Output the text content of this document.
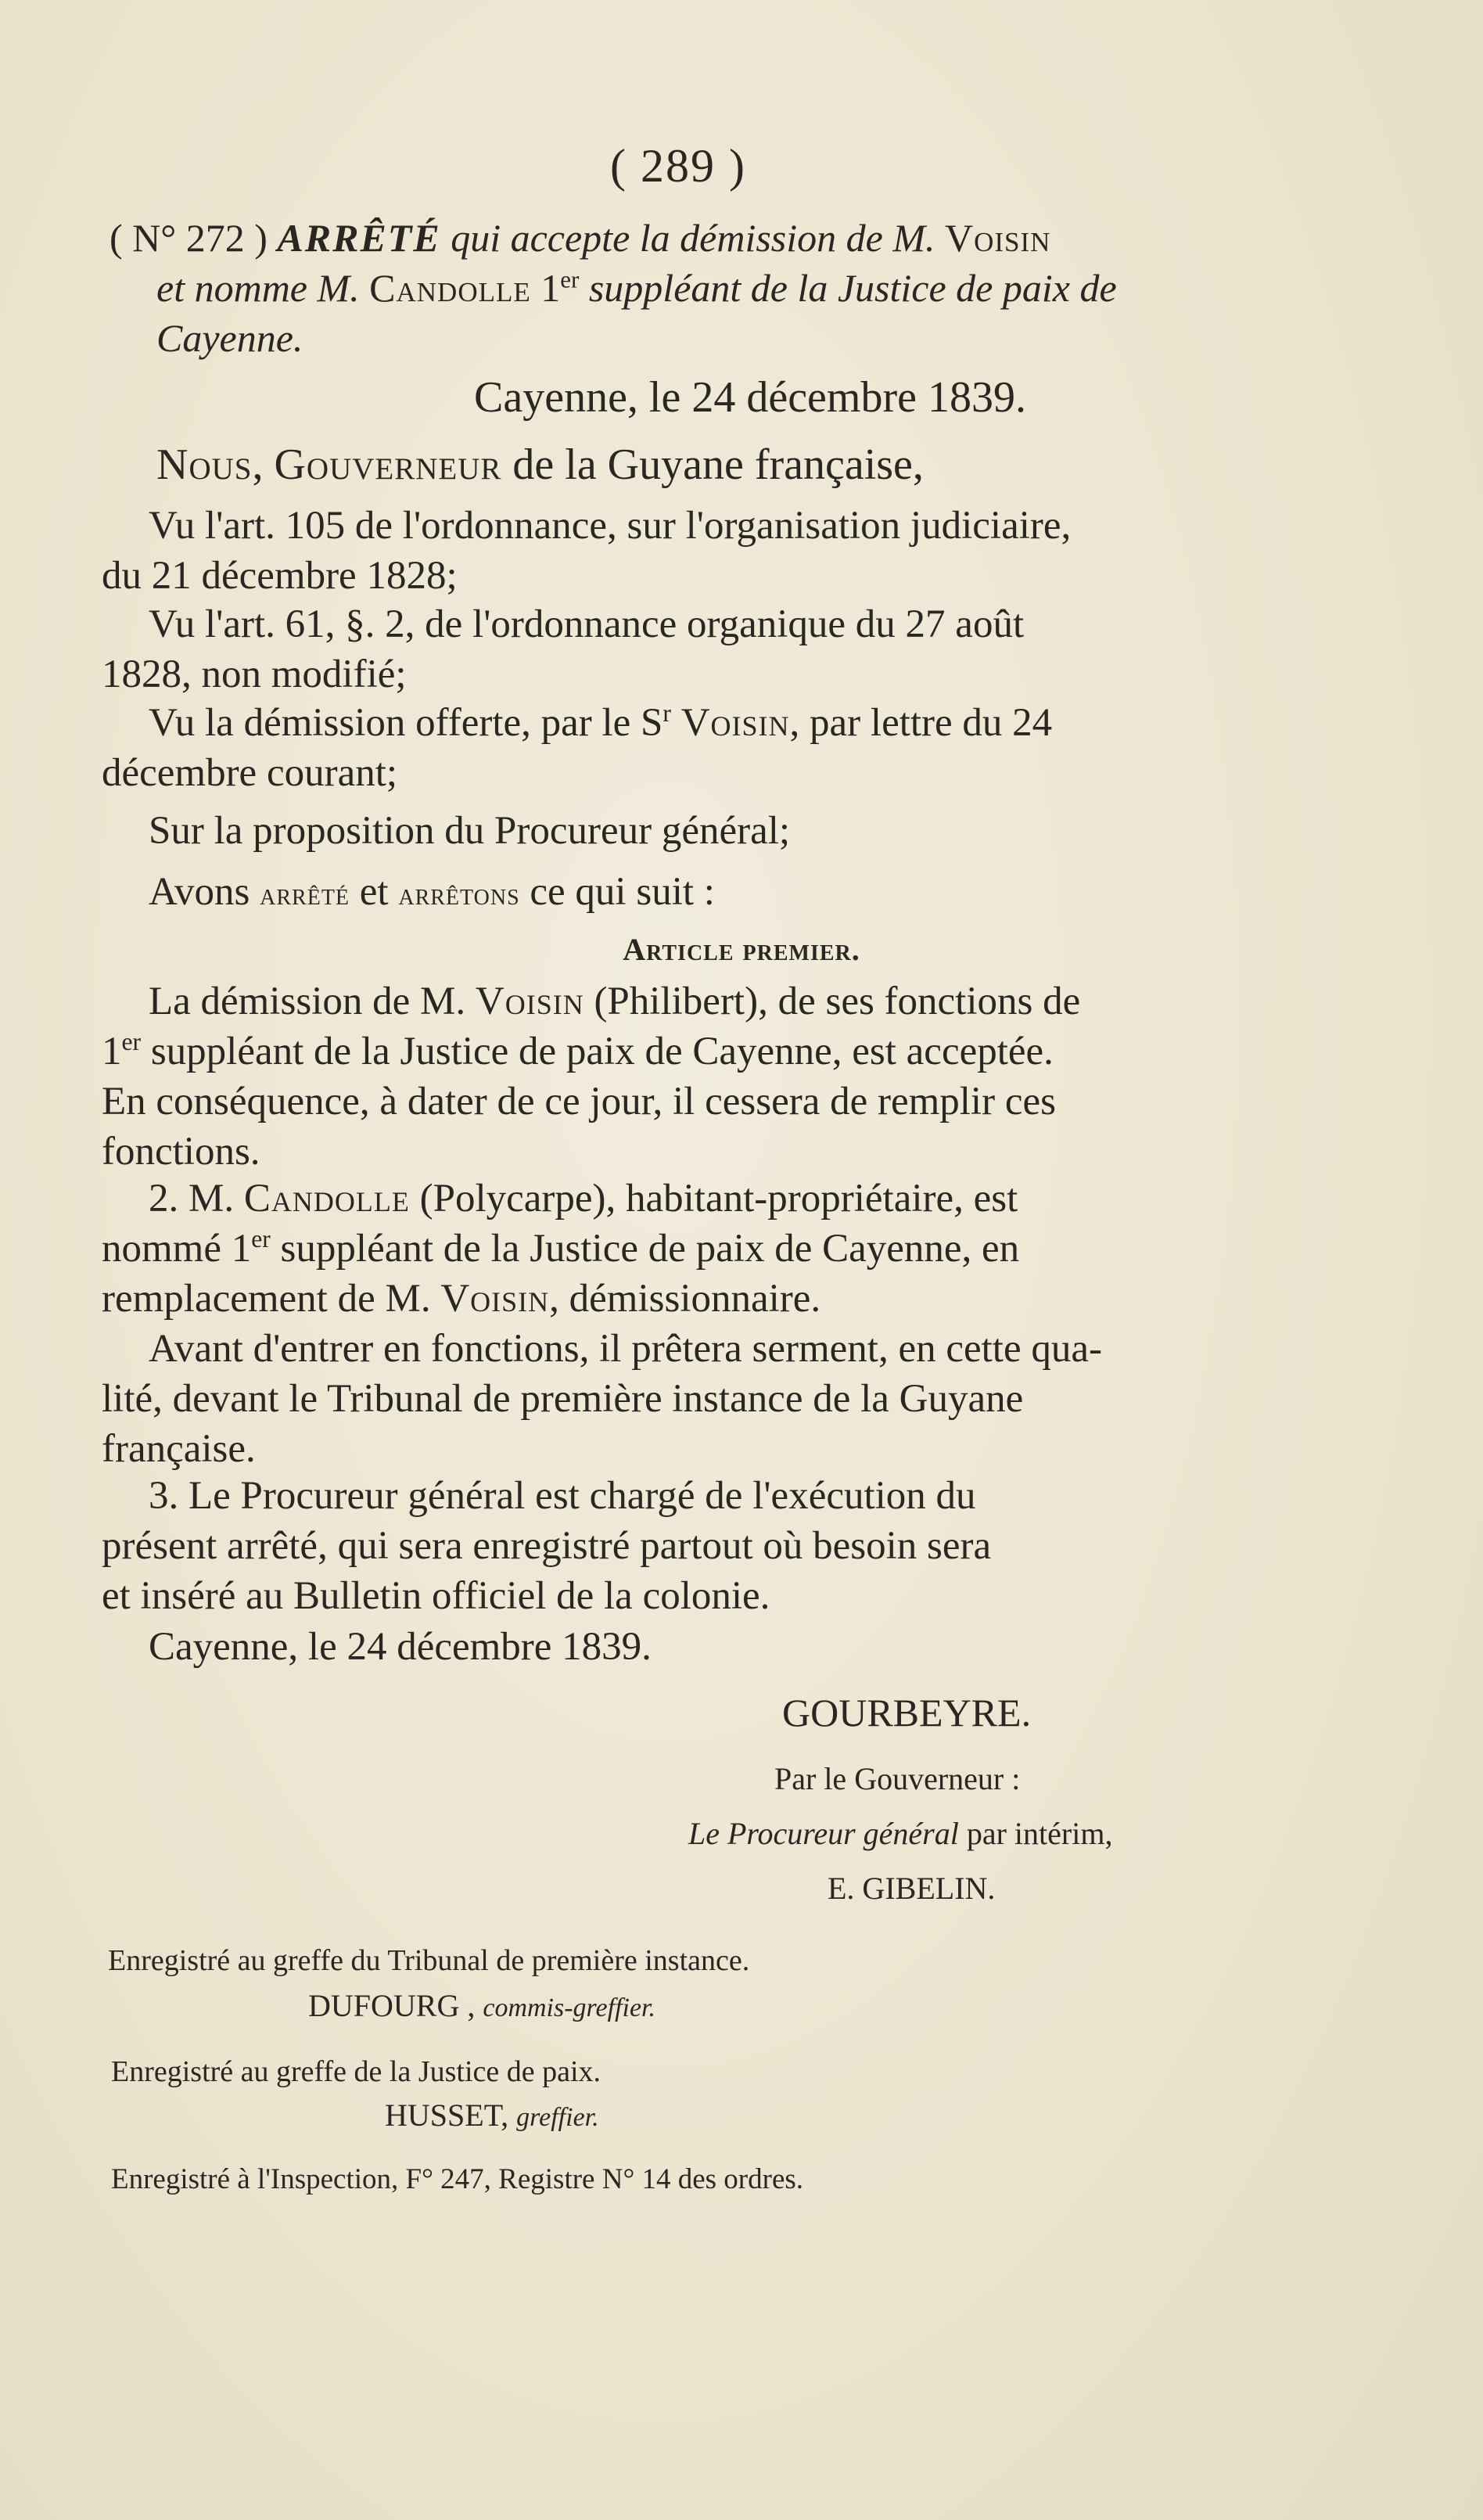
( 289 )
( N° 272 ) ARRÊTÉ qui accepte la démission de M. Voisin
et nomme M. Candolle 1er suppléant de la Justice de paix de
Cayenne.
Cayenne, le 24 décembre 1839.
Nous, Gouverneur de la Guyane française,
Vu l'art. 105 de l'ordonnance, sur l'organisation judiciaire,
du 21 décembre 1828;
Vu l'art. 61, §. 2, de l'ordonnance organique du 27 août
1828, non modifié;
Vu la démission offerte, par le $S^r$ Voisin, par lettre du 24
décembre courant;
Sur la proposition du Procureur général;
Avons arrêté et arrêtons ce qui suit :
Article premier.
La démission de M. Voisin (Philibert), de ses fonctions de
1er suppléant de la Justice de paix de Cayenne, est acceptée.
En conséquence, à dater de ce jour, il cessera de remplir ces
fonctions.
2. M. Candolle (Polycarpe), habitant-propriétaire, est
nommé 1er suppléant de la Justice de paix de Cayenne, en
remplacement de M. Voisin, démissionnaire.
Avant d'entrer en fonctions, il prêtera serment, en cette qua-
lité, devant le Tribunal de première instance de la Guyane
française.
3. Le Procureur général est chargé de l'exécution du
présent arrêté, qui sera enregistré partout où besoin sera
et inséré au Bulletin officiel de la colonie.
Cayenne, le 24 décembre 1839.
GOURBEYRE.
Par le Gouverneur :
Le Procureur général par intérim,
E. GIBELIN.
Enregistré au greffe du Tribunal de première instance.
DUFOURG , commis-greffier.
Enregistré au greffe de la Justice de paix.
HUSSET, greffier.
Enregistré à l'Inspection, F° 247, Registre N° 14 des ordres.
